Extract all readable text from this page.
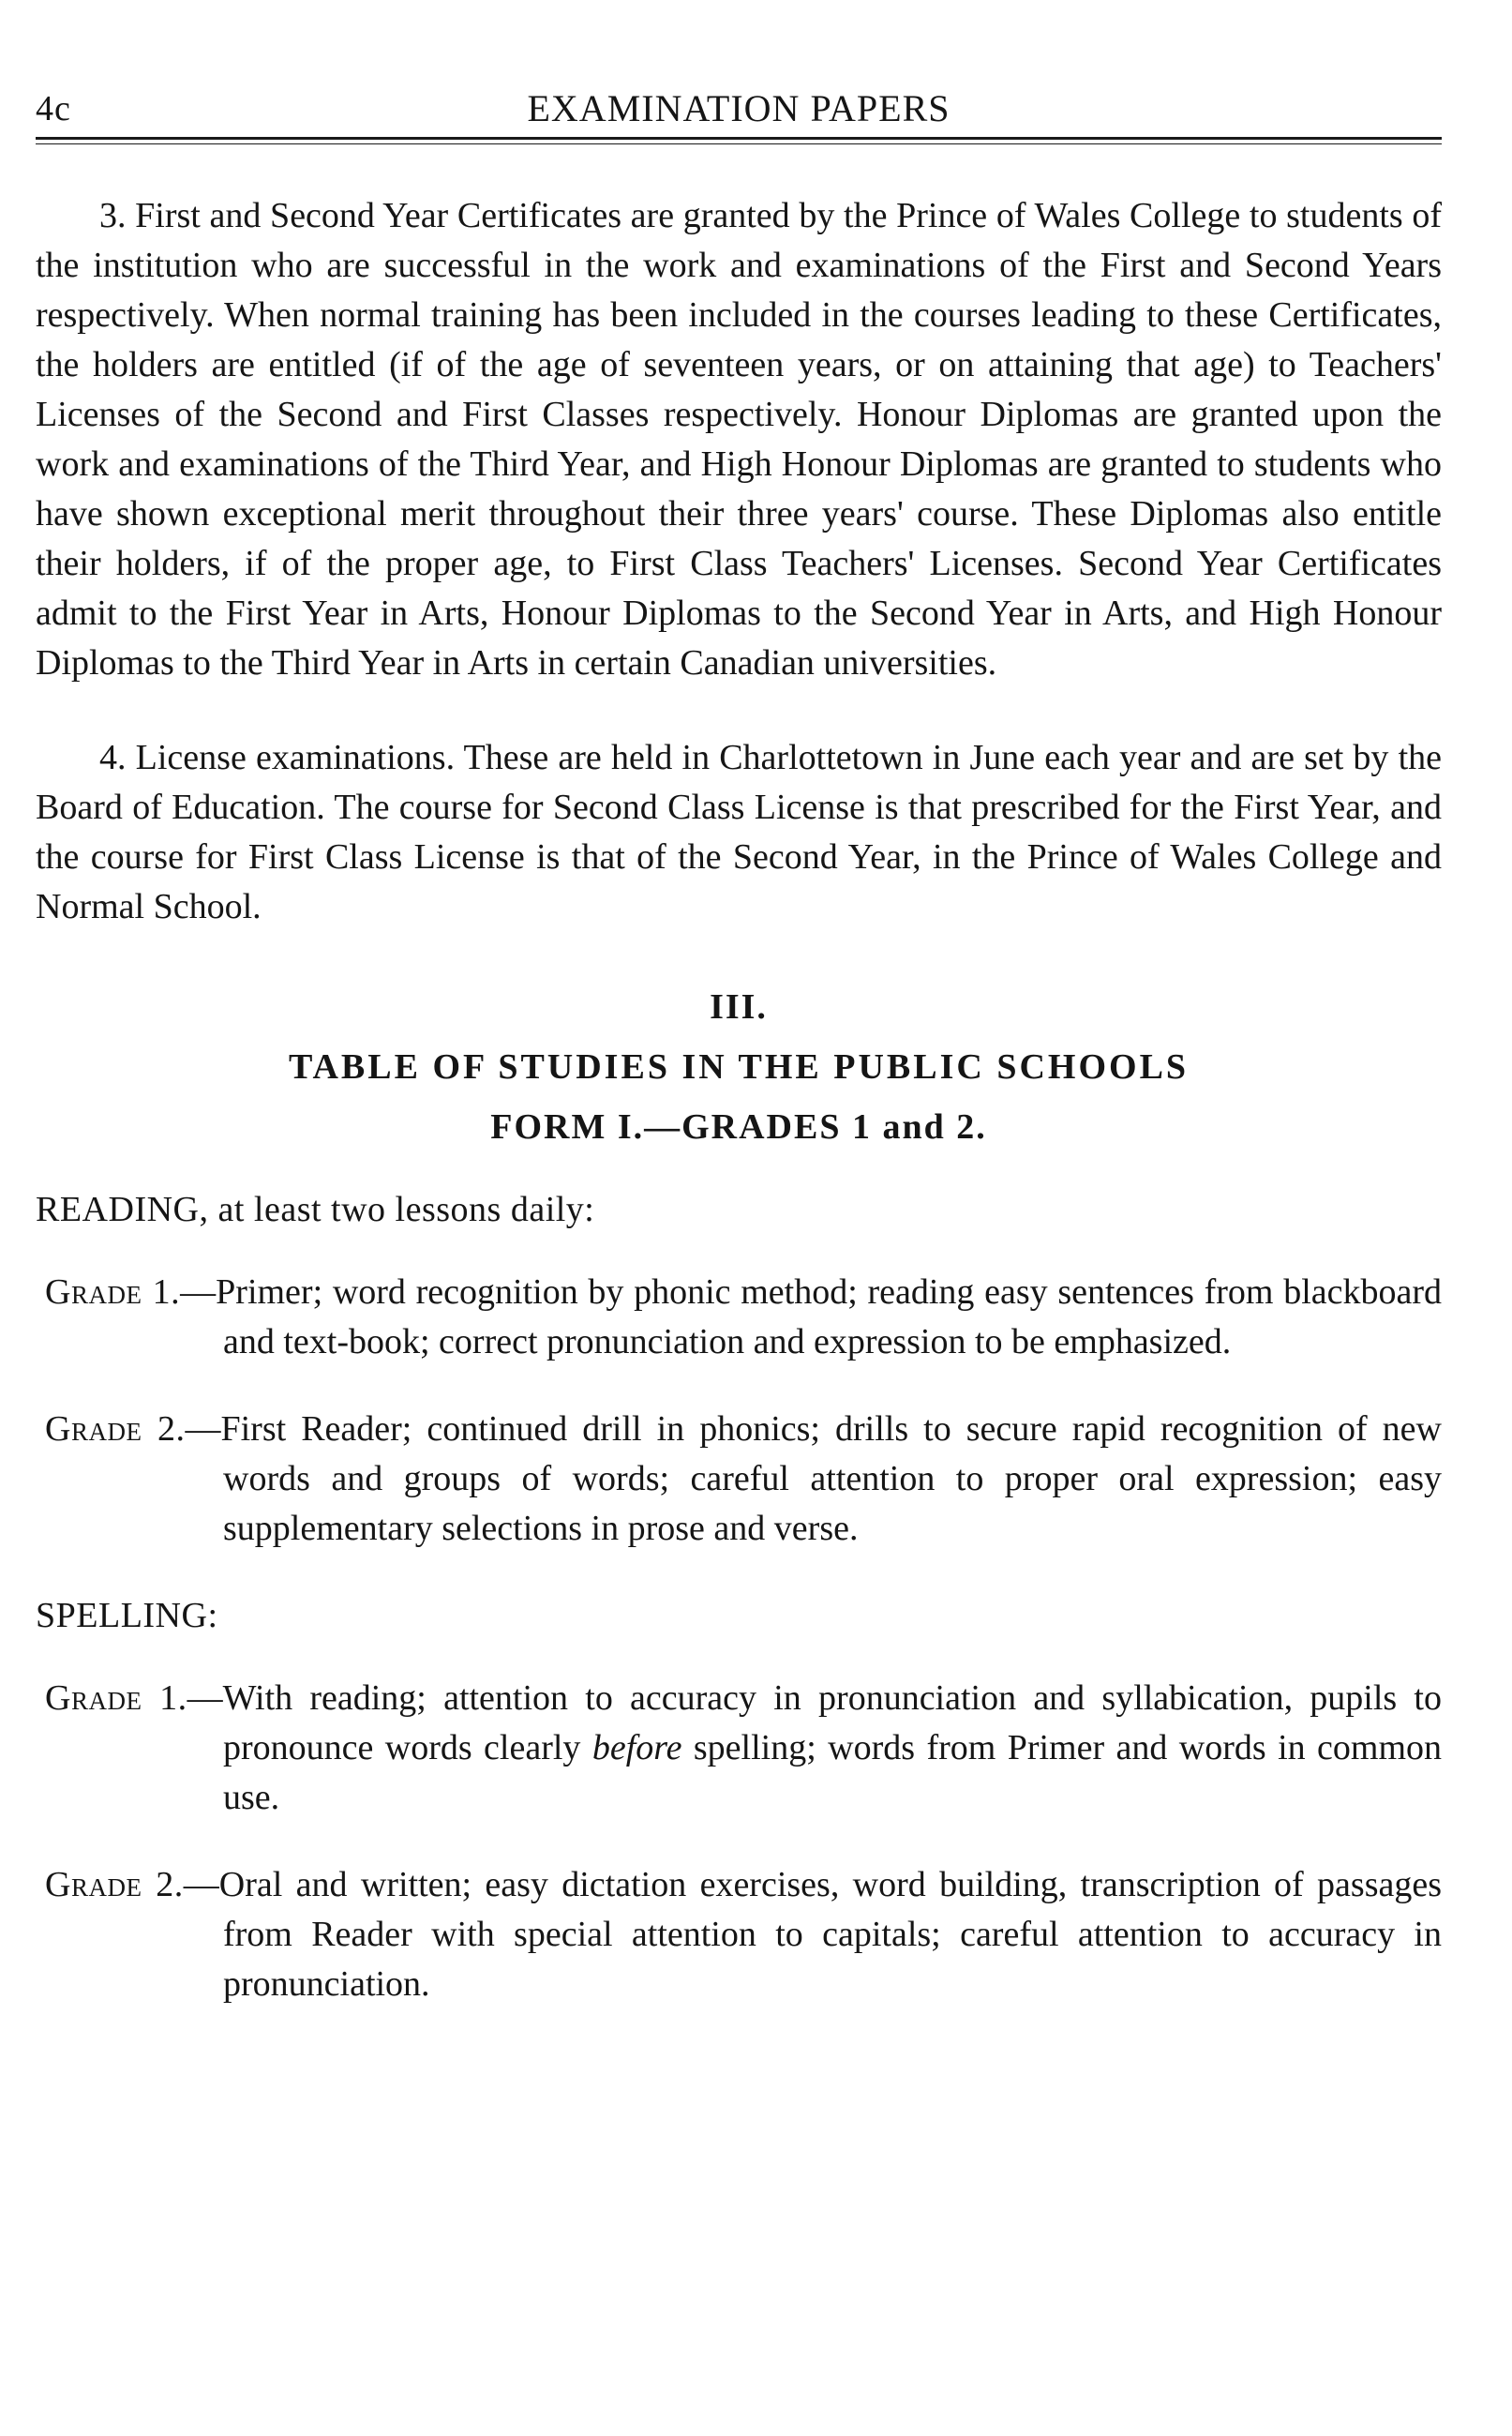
4c	EXAMINATION PAPERS

3. First and Second Year Certificates are granted by the Prince of Wales College to students of the institution who are successful in the work and examinations of the First and Second Years respectively. When normal training has been included in the courses leading to these Certificates, the holders are entitled (if of the age of seventeen years, or on attaining that age) to Teachers' Licenses of the Second and First Classes respectively. Honour Diplomas are granted upon the work and examinations of the Third Year, and High Honour Diplomas are granted to students who have shown exceptional merit throughout their three years' course. These Diplomas also entitle their holders, if of the proper age, to First Class Teachers' Licenses. Second Year Certificates admit to the First Year in Arts, Honour Diplomas to the Second Year in Arts, and High Honour Diplomas to the Third Year in Arts in certain Canadian universities.

4. License examinations. These are held in Charlottetown in June each year and are set by the Board of Education. The course for Second Class License is that prescribed for the First Year, and the course for First Class License is that of the Second Year, in the Prince of Wales College and Normal School.

III.
TABLE OF STUDIES IN THE PUBLIC SCHOOLS
FORM I.—GRADES 1 and 2.
READING, at least two lessons daily:
Grade 1.—Primer; word recognition by phonic method; reading easy sentences from blackboard and text-book; correct pronunciation and expression to be emphasized.
Grade 2.—First Reader; continued drill in phonics; drills to secure rapid recognition of new words and groups of words; careful attention to proper oral expression; easy supplementary selections in prose and verse.
SPELLING:
Grade 1.—With reading; attention to accuracy in pronunciation and syllabication, pupils to pronounce words clearly before spelling; words from Primer and words in common use.
Grade 2.—Oral and written; easy dictation exercises, word building, transcription of passages from Reader with special attention to capitals; careful attention to accuracy in pronunciation.
